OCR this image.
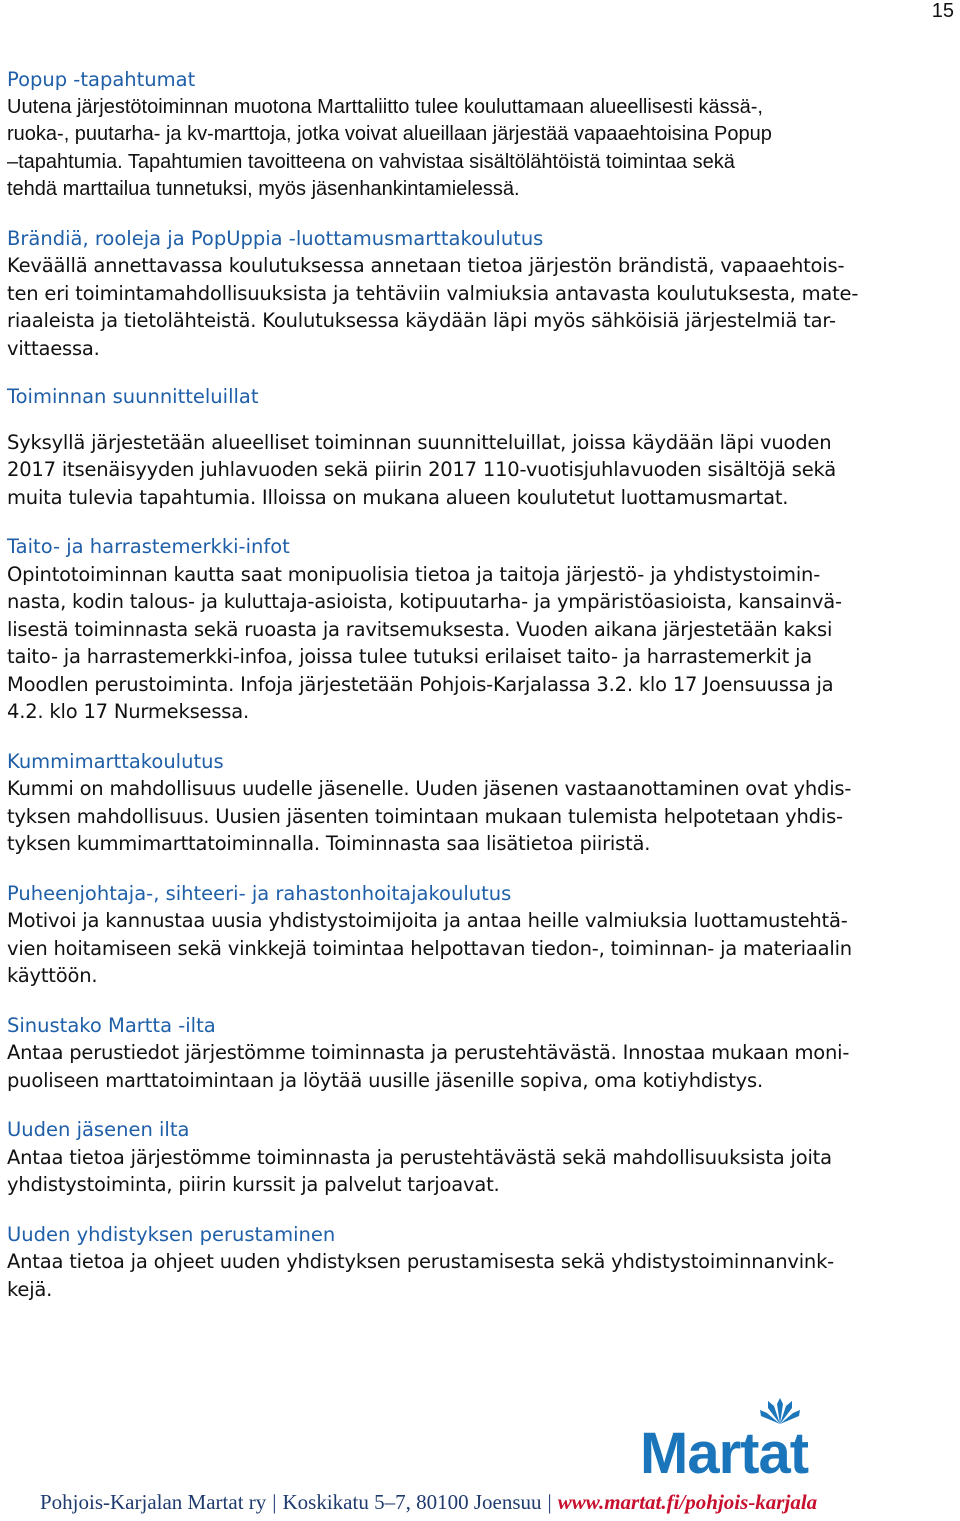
15
Popup -tapahtumat
Uutena järjestötoiminnan muotona Marttaliitto tulee kouluttamaan alueellisesti kässä-,
ruoka-, puutarha- ja kv-marttoja, jotka voivat alueillaan järjestää vapaaehtoisina Popup
–tapahtumia. Tapahtumien tavoitteena on vahvistaa sisältölähtöistä toimintaa sekä
tehdä marttailua tunnetuksi, myös jäsenhankintamielessä.
Brändiä, rooleja ja PopUppia -luottamusmarttakoulutus
Keväällä annettavassa koulutuksessa annetaan tietoa järjestön brändistä, vapaaehtois-
ten eri toimintamahdollisuuksista ja tehtäviin valmiuksia antavasta koulutuksesta, mate-
riaaleista ja tietolähteistä. Koulutuksessa käydään läpi myös sähköisiä järjestelmiä tar-
vittaessa.
Toiminnan suunnitteluillat
Syksyllä järjestetään alueelliset toiminnan suunnitteluillat, joissa käydään läpi vuoden
2017 itsenäisyyden juhlavuoden sekä piirin 2017 110-vuotisjuhlavuoden sisältöjä sekä
muita tulevia tapahtumia. Illoissa on mukana alueen koulutetut luottamusmartat.
Taito- ja harrastemerkki-infot
Opintotoiminnan kautta saat monipuolisia tietoa ja taitoja järjestö- ja yhdistystoimin-
nasta, kodin talous- ja kuluttaja-asioista, kotipuutarha- ja ympäristöasioista, kansainvä-
lisestä toiminnasta sekä ruoasta ja ravitsemuksesta. Vuoden aikana järjestetään kaksi
taito- ja harrastemerkki-infoa, joissa tulee tutuksi erilaiset taito- ja harrastemerkit ja
Moodlen perustoiminta. Infoja järjestetään Pohjois-Karjalassa 3.2. klo 17 Joensuussa ja
4.2. klo 17 Nurmeksessa.
Kummimarttakoulutus
Kummi on mahdollisuus uudelle jäsenelle. Uuden jäsenen vastaanottaminen ovat yhdis-
tyksen mahdollisuus. Uusien jäsenten toimintaan mukaan tulemista helpotetaan yhdis-
tyksen kummimarttatoiminnalla. Toiminnasta saa lisätietoa piiristä.
Puheenjohtaja-, sihteeri- ja rahastonhoitajakoulutus
Motivoi ja kannustaa uusia yhdistystoimijoita ja antaa heille valmiuksia luottamustehtä-
vien hoitamiseen sekä vinkkejä toimintaa helpottavan tiedon-, toiminnan- ja materiaalin
käyttöön.
Sinustako Martta -ilta
Antaa perustiedot järjestömme toiminnasta ja perustehtävästä. Innostaa mukaan moni-
puoliseen marttatoimintaan ja löytää uusille jäsenille sopiva, oma kotiyhdistys.
Uuden jäsenen ilta
Antaa tietoa järjestömme toiminnasta ja perustehtävästä sekä mahdollisuuksista joita
yhdistystoiminta, piirin kurssit ja palvelut tarjoavat.
Uuden yhdistyksen perustaminen
Antaa tietoa ja ohjeet uuden yhdistyksen perustamisesta sekä yhdistystoiminnanvink-
kejä.
Martat
Pohjois-Karjalan Martat ry | Koskikatu 5–7, 80100 Joensuu | www.martat.fi/pohjois-karjala
